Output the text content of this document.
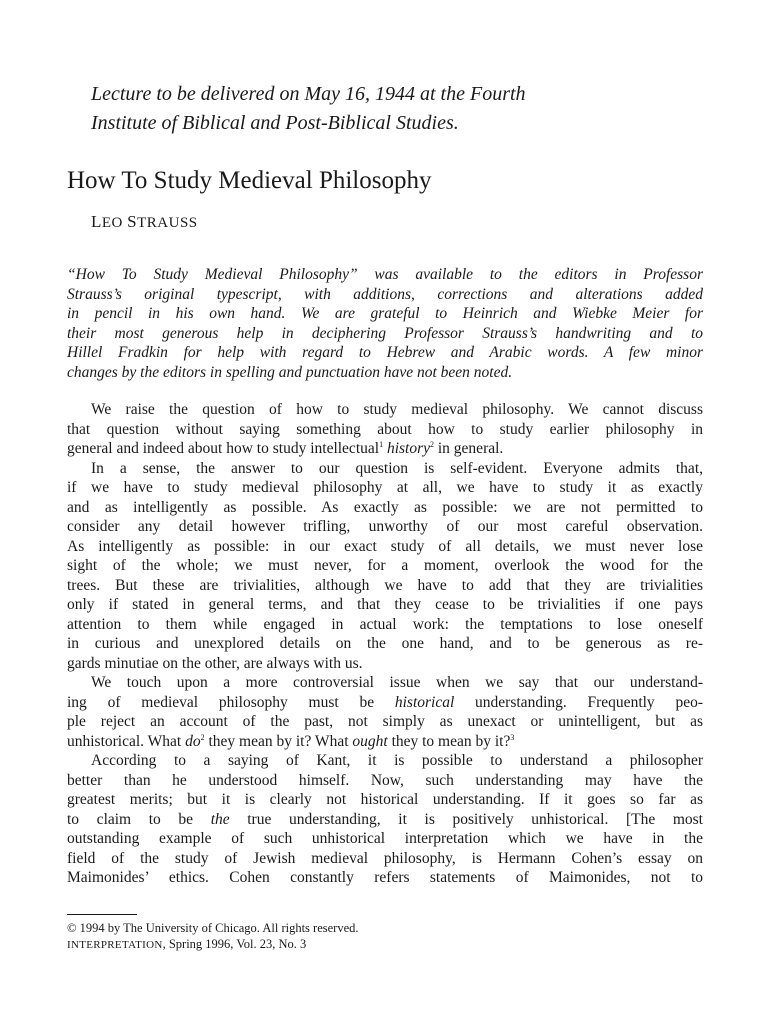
Lecture to be delivered on May 16, 1944 at the Fourth
Institute of Biblical and Post-Biblical Studies.
How To Study Medieval Philosophy
LEO STRAUSS
“How To Study Medieval Philosophy” was available to the editors in Professor
Strauss’s original typescript, with additions, corrections and alterations added
in pencil in his own hand. We are grateful to Heinrich and Wiebke Meier for
their most generous help in deciphering Professor Strauss’s handwriting and to
Hillel Fradkin for help with regard to Hebrew and Arabic words. A few minor
changes by the editors in spelling and punctuation have not been noted.
We raise the question of how to study medieval philosophy. We cannot discuss
that question without saying something about how to study earlier philosophy in
general and indeed about how to study intellectual$^1$ history$^2$ in general.
In a sense, the answer to our question is self-evident. Everyone admits that,
if we have to study medieval philosophy at all, we have to study it as exactly
and as intelligently as possible. As exactly as possible: we are not permitted to
consider any detail however trifling, unworthy of our most careful observation.
As intelligently as possible: in our exact study of all details, we must never lose
sight of the whole; we must never, for a moment, overlook the wood for the
trees. But these are trivialities, although we have to add that they are trivialities
only if stated in general terms, and that they cease to be trivialities if one pays
attention to them while engaged in actual work: the temptations to lose oneself
in curious and unexplored details on the one hand, and to be generous as re-
gards minutiae on the other, are always with us.
We touch upon a more controversial issue when we say that our understand-
ing of medieval philosophy must be historical understanding. Frequently peo-
ple reject an account of the past, not simply as unexact or unintelligent, but as
unhistorical. What $do^2$ they mean by it? What ought they to mean by it?$^3$
According to a saying of Kant, it is possible to understand a philosopher
better than he understood himself. Now, such understanding may have the
greatest merits; but it is clearly not historical understanding. If it goes so far as
to claim to be the true understanding, it is positively unhistorical. [The most
outstanding example of such unhistorical interpretation which we have in the
field of the study of Jewish medieval philosophy, is Hermann Cohen’s essay on
Maimonides’ ethics. Cohen constantly refers statements of Maimonides, not to
© 1994 by The University of Chicago. All rights reserved.
INTERPRETATION, Spring 1996, Vol. 23, No. 3
